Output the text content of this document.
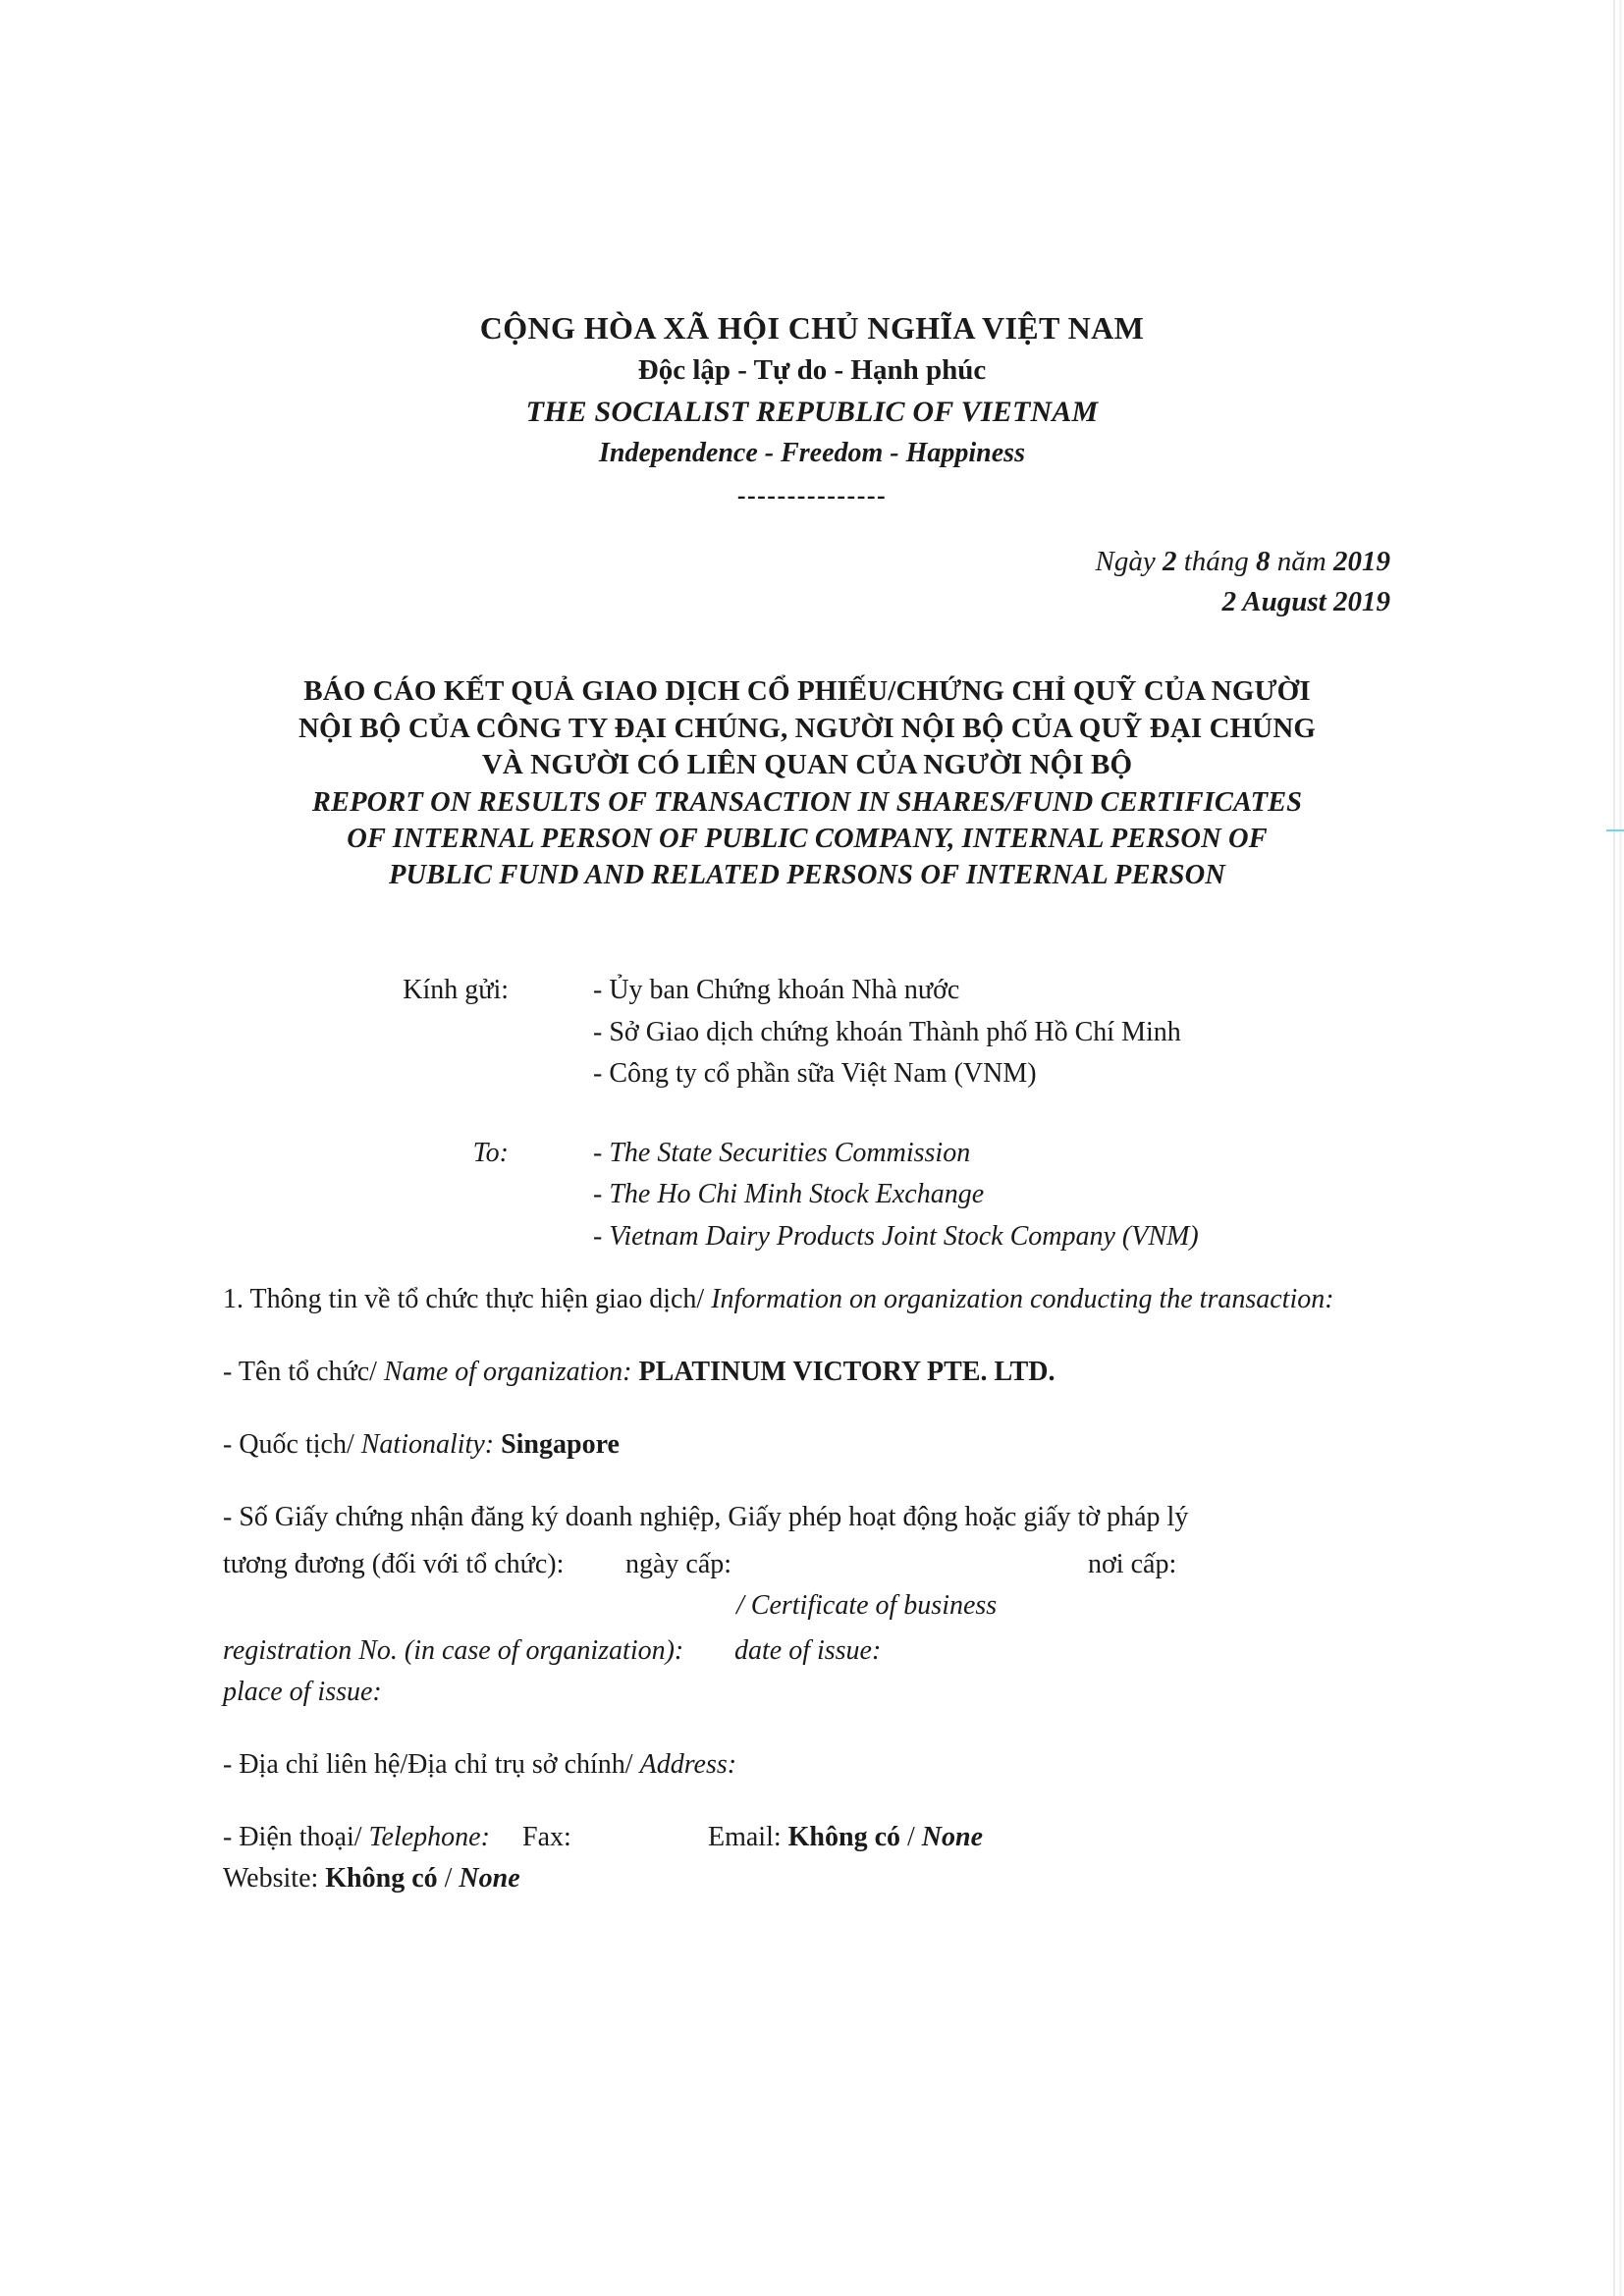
CỘNG HÒA XÃ HỘI CHỦ NGHĨA VIỆT NAM
Độc lập - Tự do - Hạnh phúc
THE SOCIALIST REPUBLIC OF VIETNAM
Independence - Freedom - Happiness
---------------
Ngày 2 tháng 8 năm 2019
2 August 2019
BÁO CÁO KẾT QUẢ GIAO DỊCH CỔ PHIẾU/CHỨNG CHỈ QUỸ CỦA NGƯỜI
NỘI BỘ CỦA CÔNG TY ĐẠI CHÚNG, NGƯỜI NỘI BỘ CỦA QUỸ ĐẠI CHÚNG
VÀ NGƯỜI CÓ LIÊN QUAN CỦA NGƯỜI NỘI BỘ
REPORT ON RESULTS OF TRANSACTION IN SHARES/FUND CERTIFICATES
OF INTERNAL PERSON OF PUBLIC COMPANY, INTERNAL PERSON OF
PUBLIC FUND AND RELATED PERSONS OF INTERNAL PERSON
Kính gửi:	- Ủy ban Chứng khoán Nhà nước
- Sở Giao dịch chứng khoán Thành phố Hồ Chí Minh
- Công ty cổ phần sữa Việt Nam (VNM)
To:	- The State Securities Commission
- The Ho Chi Minh Stock Exchange
- Vietnam Dairy Products Joint Stock Company (VNM)
1. Thông tin về tổ chức thực hiện giao dịch/ Information on organization conducting the transaction:
- Tên tổ chức/ Name of organization: PLATINUM VICTORY PTE. LTD.
- Quốc tịch/ Nationality: Singapore
- Số Giấy chứng nhận đăng ký doanh nghiệp, Giấy phép hoạt động hoặc giấy tờ pháp lý
tương đương (đối với tổ chức): ngày cấp:	nơi cấp:
/ Certificate of business
registration No. (in case of organization): date of issue:
place of issue:
- Địa chỉ liên hệ/Địa chỉ trụ sở chính/ Address:
- Điện thoại/ Telephone: Fax:	Email: Không có / None
Website: Không có / None
